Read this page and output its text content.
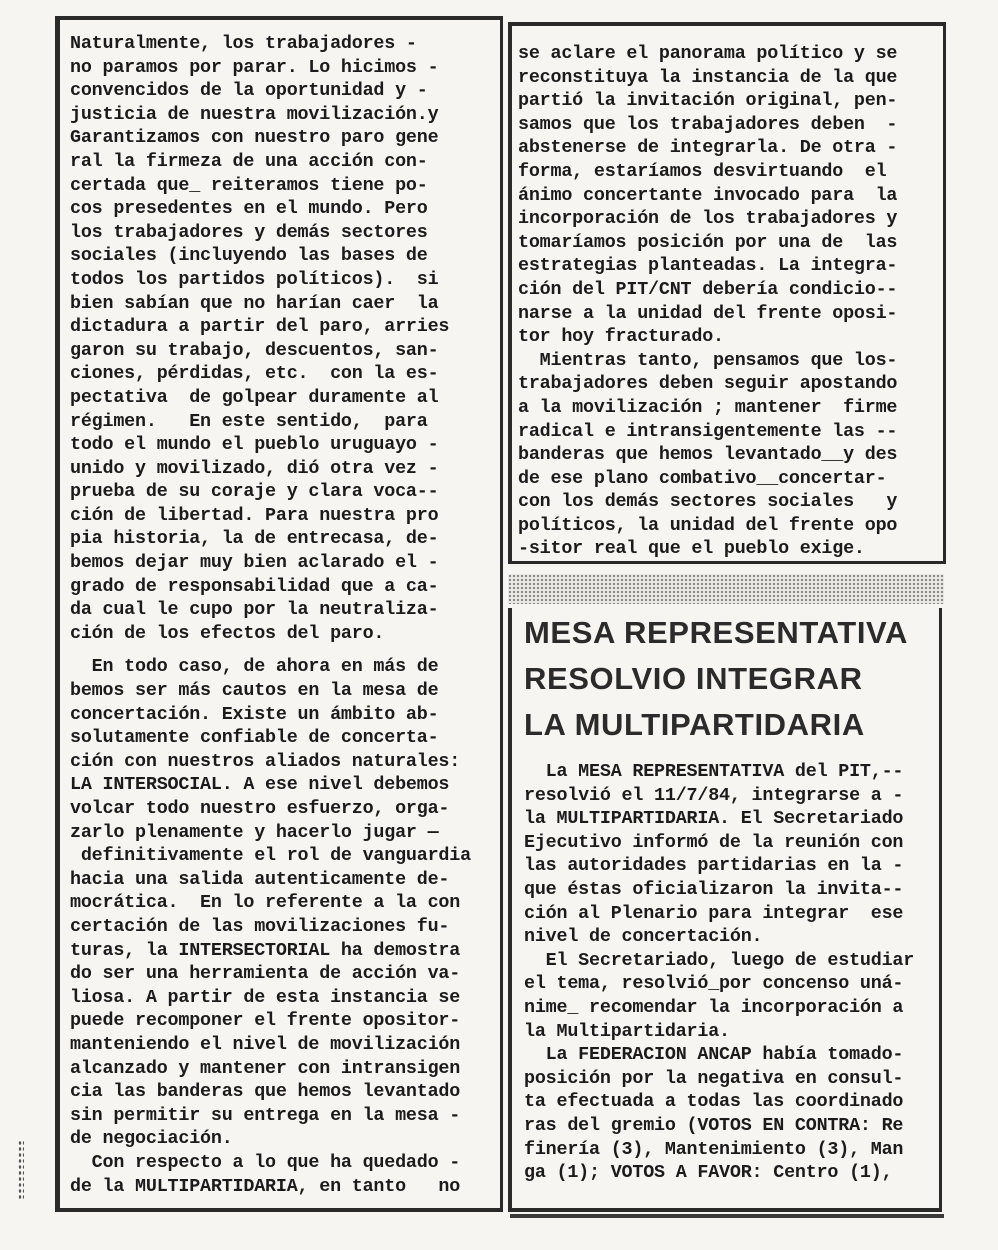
Naturalmente, los trabajadores -

no paramos por parar. Lo hicimos -

convencidos de la oportunidad y -

justicia de nuestra movilización.y

Garantizamos con nuestro paro gene

ral la firmeza de una acción con-

certada que_ reiteramos tiene po-

cos presedentes en el mundo. Pero

los trabajadores y demás sectores

sociales (incluyendo las bases de

todos los partidos políticos).  si

bien sabían que no harían caer  la

dictadura a partir del paro, arries

garon su trabajo, descuentos, san-

ciones, pérdidas, etc.  con la es-

pectativa  de golpear duramente al

régimen.   En este sentido,  para

todo el mundo el pueblo uruguayo -

unido y movilizado, dió otra vez -

prueba de su coraje y clara voca--

ción de libertad. Para nuestra pro

pia historia, la de entrecasa, de-

bemos dejar muy bien aclarado el -

grado de responsabilidad que a ca-

da cual le cupo por la neutraliza-

ción de los efectos del paro.

En todo caso, de ahora en más de

bemos ser más cautos en la mesa de

concertación. Existe un ámbito ab-

solutamente confiable de concerta-

ción con nuestros aliados naturales:

LA INTERSOCIAL. A ese nivel debemos

volcar todo nuestro esfuerzo, orga-

zarlo plenamente y hacerlo jugar —

definitivamente el rol de vanguardia

hacia una salida autenticamente de-

mocrática.  En lo referente a la con

certación de las movilizaciones fu-

turas, la INTERSECTORIAL ha demostra

do ser una herramienta de acción va-

liosa. A partir de esta instancia se

puede recomponer el frente opositor-

manteniendo el nivel de movilización

alcanzado y mantener con intransigen

cia las banderas que hemos levantado

sin permitir su entrega en la mesa -

de negociación.

Con respecto a lo que ha quedado -

de la MULTIPARTIDARIA, en tanto   no

se aclare el panorama político y se

reconstituya la instancia de la que

partió la invitación original, pen-

samos que los trabajadores deben  -

abstenerse de integrarla. De otra -

forma, estaríamos desvirtuando  el

ánimo concertante invocado para  la

incorporación de los trabajadores y

tomaríamos posición por una de  las

estrategias planteadas. La integra-

ción del PIT/CNT debería condicio--

narse a la unidad del frente oposi-

tor hoy fracturado.

Mientras tanto, pensamos que los-

trabajadores deben seguir apostando

a la movilización ; mantener  firme

radical e intransigentemente las --

banderas que hemos levantado__y des

de ese plano combativo__concertar-

con los demás sectores sociales   y

políticos, la unidad del frente opo

-sitor real que el pueblo exige.

MESA REPRESENTATIVA

RESOLVIO INTEGRAR

LA MULTIPARTIDARIA

La MESA REPRESENTATIVA del PIT,--

resolvió el 11/7/84, integrarse a -

la MULTIPARTIDARIA. El Secretariado

Ejecutivo informó de la reunión con

las autoridades partidarias en la -

que éstas oficializaron la invita--

ción al Plenario para integrar  ese

nivel de concertación.

El Secretariado, luego de estudiar

el tema, resolvió_por concenso uná-

nime_ recomendar la incorporación a

la Multipartidaria.

La FEDERACION ANCAP había tomado-

posición por la negativa en consul-

ta efectuada a todas las coordinado

ras del gremio (VOTOS EN CONTRA: Re

finería (3), Mantenimiento (3), Man

ga (1); VOTOS A FAVOR: Centro (1),
